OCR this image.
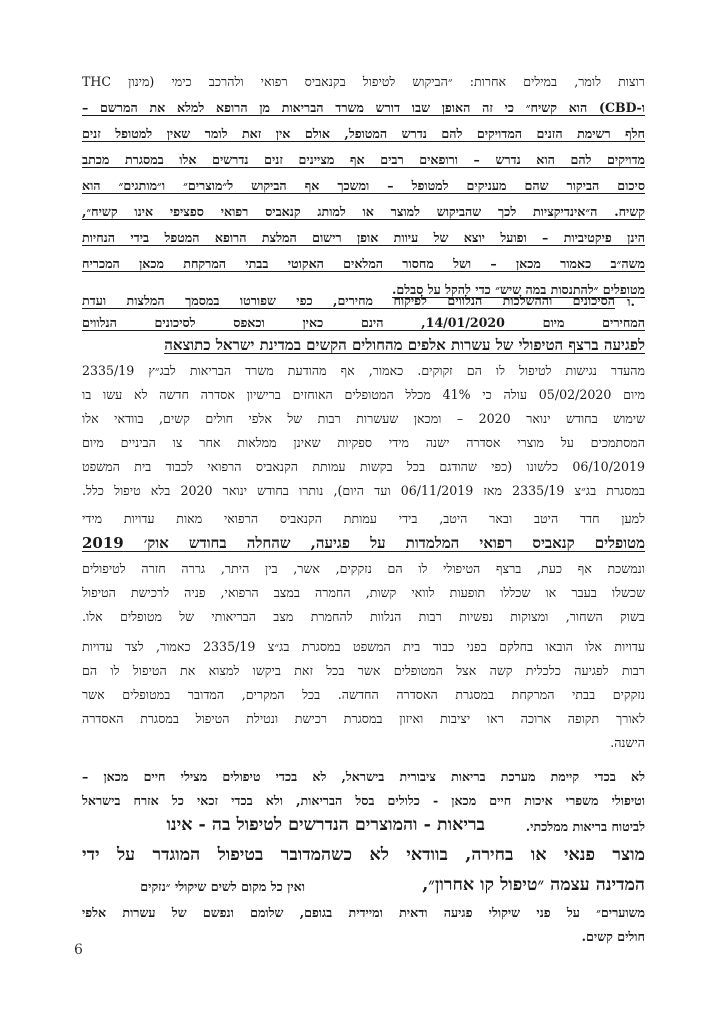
רוצות לומר, במילים אחרות: ״הביקוש לטיפול בקנאביס רפואי ולהרכב כימי (מינון THC
ו-CBD) הוא קשיח״ כי זה האופן שבו דורש משרד הבריאות מן הרופא למלא את המרשם –
חלף רשימת הזנים המדויקים להם נדרש המטופל, אולם אין זאת לומר שאין למטופל זנים
מדויקים להם הוא נדרש – ורופאים רבים אף מציינים זנים נדרשים אלו במסגרת מכתב
סיכום הביקור שהם מעניקים למטופל – ומשכך אף הביקוש ל״מוצרים״ ו״מותגים״ הוא
קשיח. ה״אינדיקציות לכך שהביקוש למוצר או למותג קנאביס רפואי ספציפי אינו קשיח״,
הינן פיקטיביות – ופועל יוצא של עיוות אופן רישום המלצת הרופא המטפל בידי הנחיות
משה״ב כאמור מכאן – ושל מחסור המלאים האקוטי בבתי המרקחת מכאן המכריח
מטופלים ״להתנסות במה שיש״ כדי להקל על סבלם.
ו.
הסיכונים וההשלכות הנלווים לפיקוח מחירים, כפי שפורטו במסמך המלצות ועדת
המחירים מיום 14/01/2020, הינם כאין וכאפס לסיכונים הנלווים
לפגיעה ברצף הטיפולי של עשרות אלפים מהחולים הקשים במדינת ישראל כתוצאה
מהעדר נגישות לטיפול לו הם זקוקים. כאמור, אף מהודעת משרד הבריאות לבג״ץ 2335/19
מיום 05/02/2020 עולה כי 41% מכלל המטופלים האוחזים ברישיון אסדרה חדשה לא עשו בו
שימוש בחודש ינואר 2020 – ומכאן שעשרות רבות של אלפי חולים קשים, בוודאי אלו
המסתמכים על מוצרי אסדרה ישנה מידי ספקיות שאינן ממלאות אחר צו הביניים מיום
06/10/2019 כלשונו (כפי שהודגם בכל בקשות עמותת הקנאביס הרפואי לכבוד בית המשפט
במסגרת בג״צ 2335/19 מאז 06/11/2019 ועד היום), נותרו בחודש ינואר 2020 בלא טיפול כלל.
למען חדד היטב ובאר היטב, בידי עמותת הקנאביס הרפואי מאות עדויות מידי
מטופלים קנאביס רפואי המלמדות על פגיעה, שהחלה בחודש אוק׳ 2019
ונמשכת אף כעת, ברצף הטיפולי לו הם נזקקים, אשר, בין היתר, גררה חזרה לטיפולים
שכשלו בעבר או שכללו תופעות לוואי קשות, החמרה במצב הרפואי, פניה לרכישת הטיפול
בשוק השחור, ומצוקות נפשיות רבות הנלוות להחמרת מצב הבריאותי של מטופלים אלו.
עדויות אלו הובאו בחלקם בפני כבוד בית המשפט במסגרת בג״צ 2335/19 כאמור, לצד עדויות
רבות לפגיעה כלכלית קשה אצל המטופלים אשר בכל זאת ביקשו למצוא את הטיפול לו הם
נזקקים בבתי המרקחת במסגרת האסדרה החדשה. בכל המקרים, המדובר במטופלים אשר
לאורך תקופה ארוכה ראו יציבות ואיזון במסגרת רכישת ונטילת הטיפול במסגרת האסדרה
הישנה.
לא בכדי קיימת מערכת בריאות ציבורית בישראל, לא בכדי טיפולים מצילי חיים מכאן –
וטיפולי משפרי איכות חיים מכאן - כלולים בסל הבריאות, ולא בכדי זכאי כל אזרח בישראל
לביטוח בריאות ממלכתי.
בריאות - והמוצרים הנדרשים לטיפול בה - אינו
מוצר פנאי או בחירה, בוודאי לא כשהמדובר בטיפול המוגדר על ידי
המדינה עצמה ״טיפול קו אחרון״,
ואין כל מקום לשים שיקולי ״נזקים
משוערים״ על פני שיקולי פגיעה ודאית ומיידית בגופם, שלומם ונפשם של עשרות אלפי
חולים קשים.
6
